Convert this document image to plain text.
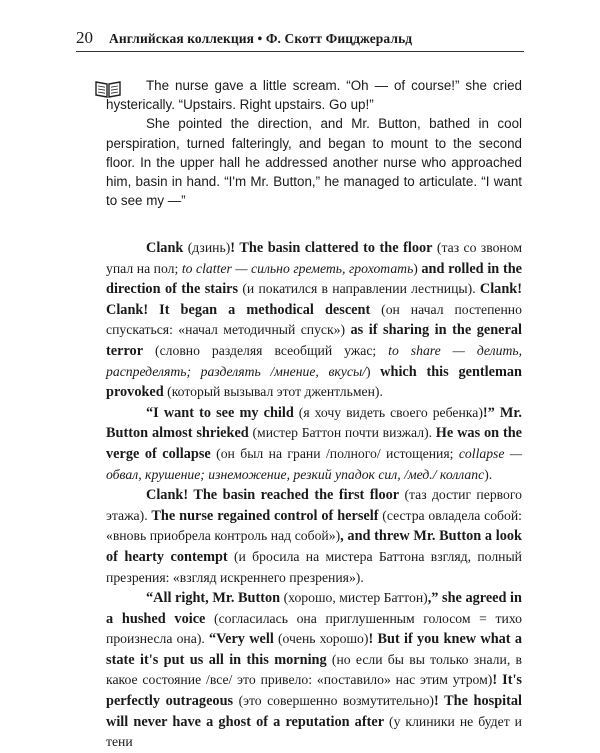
20 Английская коллекция • Ф. Скотт Фицджеральд

The nurse gave a little scream. “Oh — of course!” she cried hysterically. “Upstairs. Right upstairs. Go up!”

She pointed the direction, and Mr. Button, bathed in cool perspiration, turned falteringly, and began to mount to the second floor. In the upper hall he addressed another nurse who approached him, basin in hand. “I'm Mr. Button,” he managed to articulate. “I want to see my —”

Clank (дзинь)! The basin clattered to the floor (таз со звоном упал на пол; to clatter — сильно греметь, грохотать) and rolled in the direction of the stairs (и покатился в направлении лестницы). Clank! Clank! It began a methodical descent (он начал постепенно спускаться: «начал методичный спуск») as if sharing in the general terror (словно разделяя всеобщий ужас; to share — делить, распределять; разделять /мнение, вкусы/) which this gentleman provoked (который вызывал этот джентльмен).

“I want to see my child (я хочу видеть своего ребенка)!” Mr. Button almost shrieked (мистер Баттон почти визжал). He was on the verge of collapse (он был на грани /полного/ истощения; collapse — обвал, крушение; изнеможение, резкий упадок сил, /мед./ коллапс).

Clank! The basin reached the first floor (таз достиг первого этажа). The nurse regained control of herself (сестра овладела собой: «вновь приобрела контроль над собой»), and threw Mr. Button a look of hearty contempt (и бросила на мистера Баттона взгляд, полный презрения: «взгляд искреннего презрения»).

“All right, Mr. Button (хорошо, мистер Баттон),” she agreed in a hushed voice (согласилась она приглушенным голосом = тихо произнесла она). “Very well (очень хорошо)! But if you knew what a state it's put us all in this morning (но если бы вы только знали, в какое состояние /все/ это привело: «поставило» нас этим утром)! It's perfectly outrageous (это совершенно возмутительно)! The hospital will never have a ghost of a reputation after (у клиники не будет и тени
